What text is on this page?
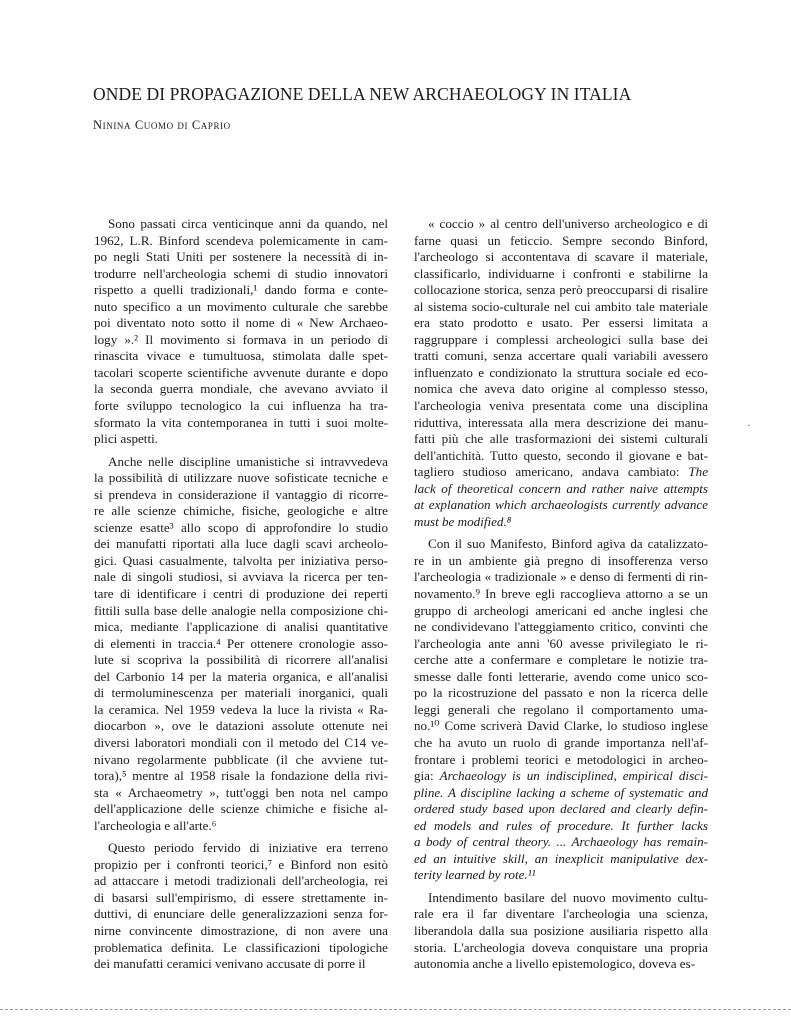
ONDE DI PROPAGAZIONE DELLA NEW ARCHAEOLOGY IN ITALIA
Ninina Cuomo di Caprio

Sono passati circa venticinque anni da quando, nel
1962, L.R. Binford scendeva polemicamente in cam-
po negli Stati Uniti per sostenere la necessità di in-
trodurre nell'archeologia schemi di studio innovatori
rispetto a quelli tradizionali,¹ dando forma e conte-
nuto specifico a un movimento culturale che sarebbe
poi diventato noto sotto il nome di « New Archaeo-
logy ».² Il movimento si formava in un periodo di
rinascita vivace e tumultuosa, stimolata dalle spet-
tacolari scoperte scientifiche avvenute durante e dopo
la seconda guerra mondiale, che avevano avviato il
forte sviluppo tecnologico la cui influenza ha tra-
sformato la vita contemporanea in tutti i suoi molte-
plici aspetti.

Anche nelle discipline umanistiche si intravvedeva
la possibilità di utilizzare nuove sofisticate tecniche e
si prendeva in considerazione il vantaggio di ricorre-
re alle scienze chimiche, fisiche, geologiche e altre
scienze esatte³ allo scopo di approfondire lo studio
dei manufatti riportati alla luce dagli scavi archeolo-
gici. Quasi casualmente, talvolta per iniziativa perso-
nale di singoli studiosi, si avviava la ricerca per ten-
tare di identificare i centri di produzione dei reperti
fittili sulla base delle analogie nella composizione chi-
mica, mediante l'applicazione di analisi quantitative
di elementi in traccia.⁴ Per ottenere cronologie asso-
lute si scopriva la possibilità di ricorrere all'analisi
del Carbonio 14 per la materia organica, e all'analisi
di termoluminescenza per materiali inorganici, quali
la ceramica. Nel 1959 vedeva la luce la rivista « Ra-
diocarbon », ove le datazioni assolute ottenute nei
diversi laboratori mondiali con il metodo del C14 ve-
nivano regolarmente pubblicate (il che avviene tut-
tora),⁵ mentre al 1958 risale la fondazione della rivi-
sta « Archaeometry », tutt'oggi ben nota nel campo
dell'applicazione delle scienze chimiche e fisiche al-
l'archeologia e all'arte.⁶

Questo periodo fervido di iniziative era terreno
propizio per i confronti teorici,⁷ e Binford non esitò
ad attaccare i metodi tradizionali dell'archeologia, rei
di basarsi sull'empirismo, di essere strettamente in-
duttivi, di enunciare delle generalizzazioni senza for-
nirne convincente dimostrazione, di non avere una
problematica definita. Le classificazioni tipologiche
dei manufatti ceramici venivano accusate di porre il

« coccio » al centro dell'universo archeologico e di
farne quasi un feticcio. Sempre secondo Binford,
l'archeologo si accontentava di scavare il materiale,
classificarlo, individuarne i confronti e stabilirne la
collocazione storica, senza però preoccuparsi di risalire
al sistema socio-culturale nel cui ambito tale materiale
era stato prodotto e usato. Per essersi limitata a
raggruppare i complessi archeologici sulla base dei
tratti comuni, senza accertare quali variabili avessero
influenzato e condizionato la struttura sociale ed eco-
nomica che aveva dato origine al complesso stesso,
l'archeologia veniva presentata come una disciplina
riduttiva, interessata alla mera descrizione dei manu-
fatti più che alle trasformazioni dei sistemi culturali
dell'antichità. Tutto questo, secondo il giovane e bat-
tagliero studioso americano, andava cambiato: The
lack of theoretical concern and rather naive attempts
at explanation which archaeologists currently advance
must be modified.⁸

Con il suo Manifesto, Binford agiva da catalizzato-
re in un ambiente già pregno di insofferenza verso
l'archeologia « tradizionale » e denso di fermenti di rin-
novamento.⁹ In breve egli raccoglieva attorno a se un
gruppo di archeologi americani ed anche inglesi che
ne condividevano l'atteggiamento critico, convinti che
l'archeologia ante anni '60 avesse privilegiato le ri-
cerche atte a confermare e completare le notizie tra-
smesse dalle fonti letterarie, avendo come unico sco-
po la ricostruzione del passato e non la ricerca delle
leggi generali che regolano il comportamento uma-
no.¹⁰ Come scriverà David Clarke, lo studioso inglese
che ha avuto un ruolo di grande importanza nell'af-
frontare i problemi teorici e metodologici in archeo-
gia: Archaeology is un indisciplined, empirical disci-
pline. A discipline lacking a scheme of systematic and
ordered study based upon declared and clearly defin-
ed models and rules of procedure. It further lacks
a body of central theory. ... Archaeology has remain-
ed an intuitive skill, an inexplicit manipulative dex-
terity learned by rote.¹¹

Intendimento basilare del nuovo movimento cultu-
rale era il far diventare l'archeologia una scienza,
liberandola dalla sua posizione ausiliaria rispetto alla
storia. L'archeologia doveva conquistare una propria
autonomia anche a livello epistemologico, doveva es-

·
